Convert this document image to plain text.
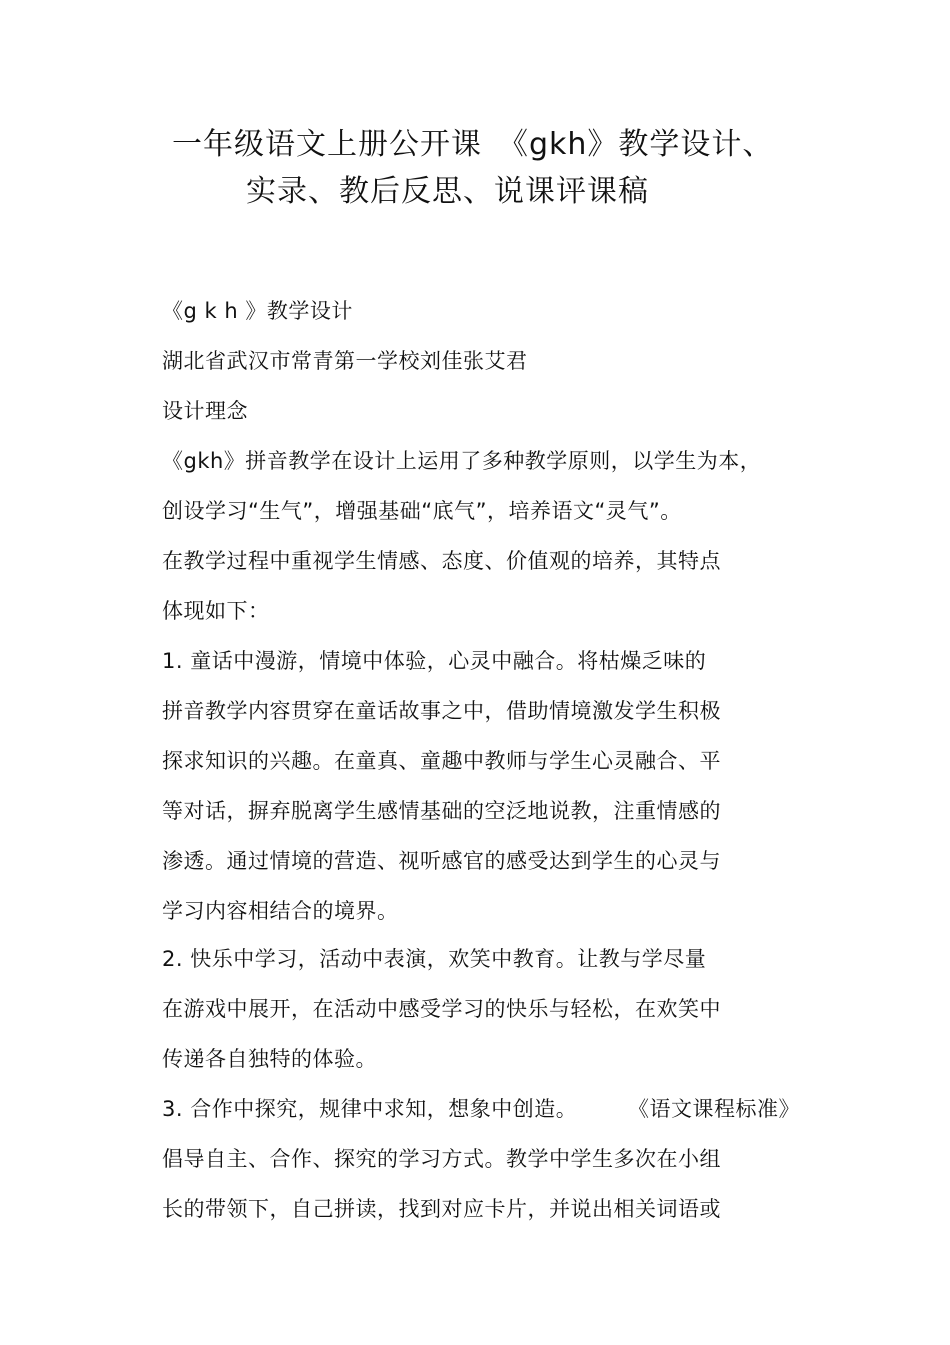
一年级语文上册公开课　《gkh》教学设计、
实录、教后反思、说课评课稿
《g k h 》教学设计
湖北省武汉市常青第一学校刘佳张艾君
设计理念
《gkh》拼音教学在设计上运用了多种教学原则，以学生为本，
创设学习“生气”，增强基础“底气”，培养语文“灵气”。
在教学过程中重视学生情感、态度、价值观的培养，其特点
体现如下：
1. 童话中漫游，情境中体验，心灵中融合。将枯燥乏味的
拼音教学内容贯穿在童话故事之中，借助情境激发学生积极
探求知识的兴趣。在童真、童趣中教师与学生心灵融合、平
等对话，摒弃脱离学生感情基础的空泛地说教，注重情感的
渗透。通过情境的营造、视听感官的感受达到学生的心灵与
学习内容相结合的境界。
2. 快乐中学习，活动中表演，欢笑中教育。让教与学尽量
在游戏中展开，在活动中感受学习的快乐与轻松，在欢笑中
传递各自独特的体验。
3. 合作中探究，规律中求知，想象中创造。 《语文课程标准》
倡导自主、合作、探究的学习方式。教学中学生多次在小组
长的带领下，自己拼读，找到对应卡片，并说出相关词语或
